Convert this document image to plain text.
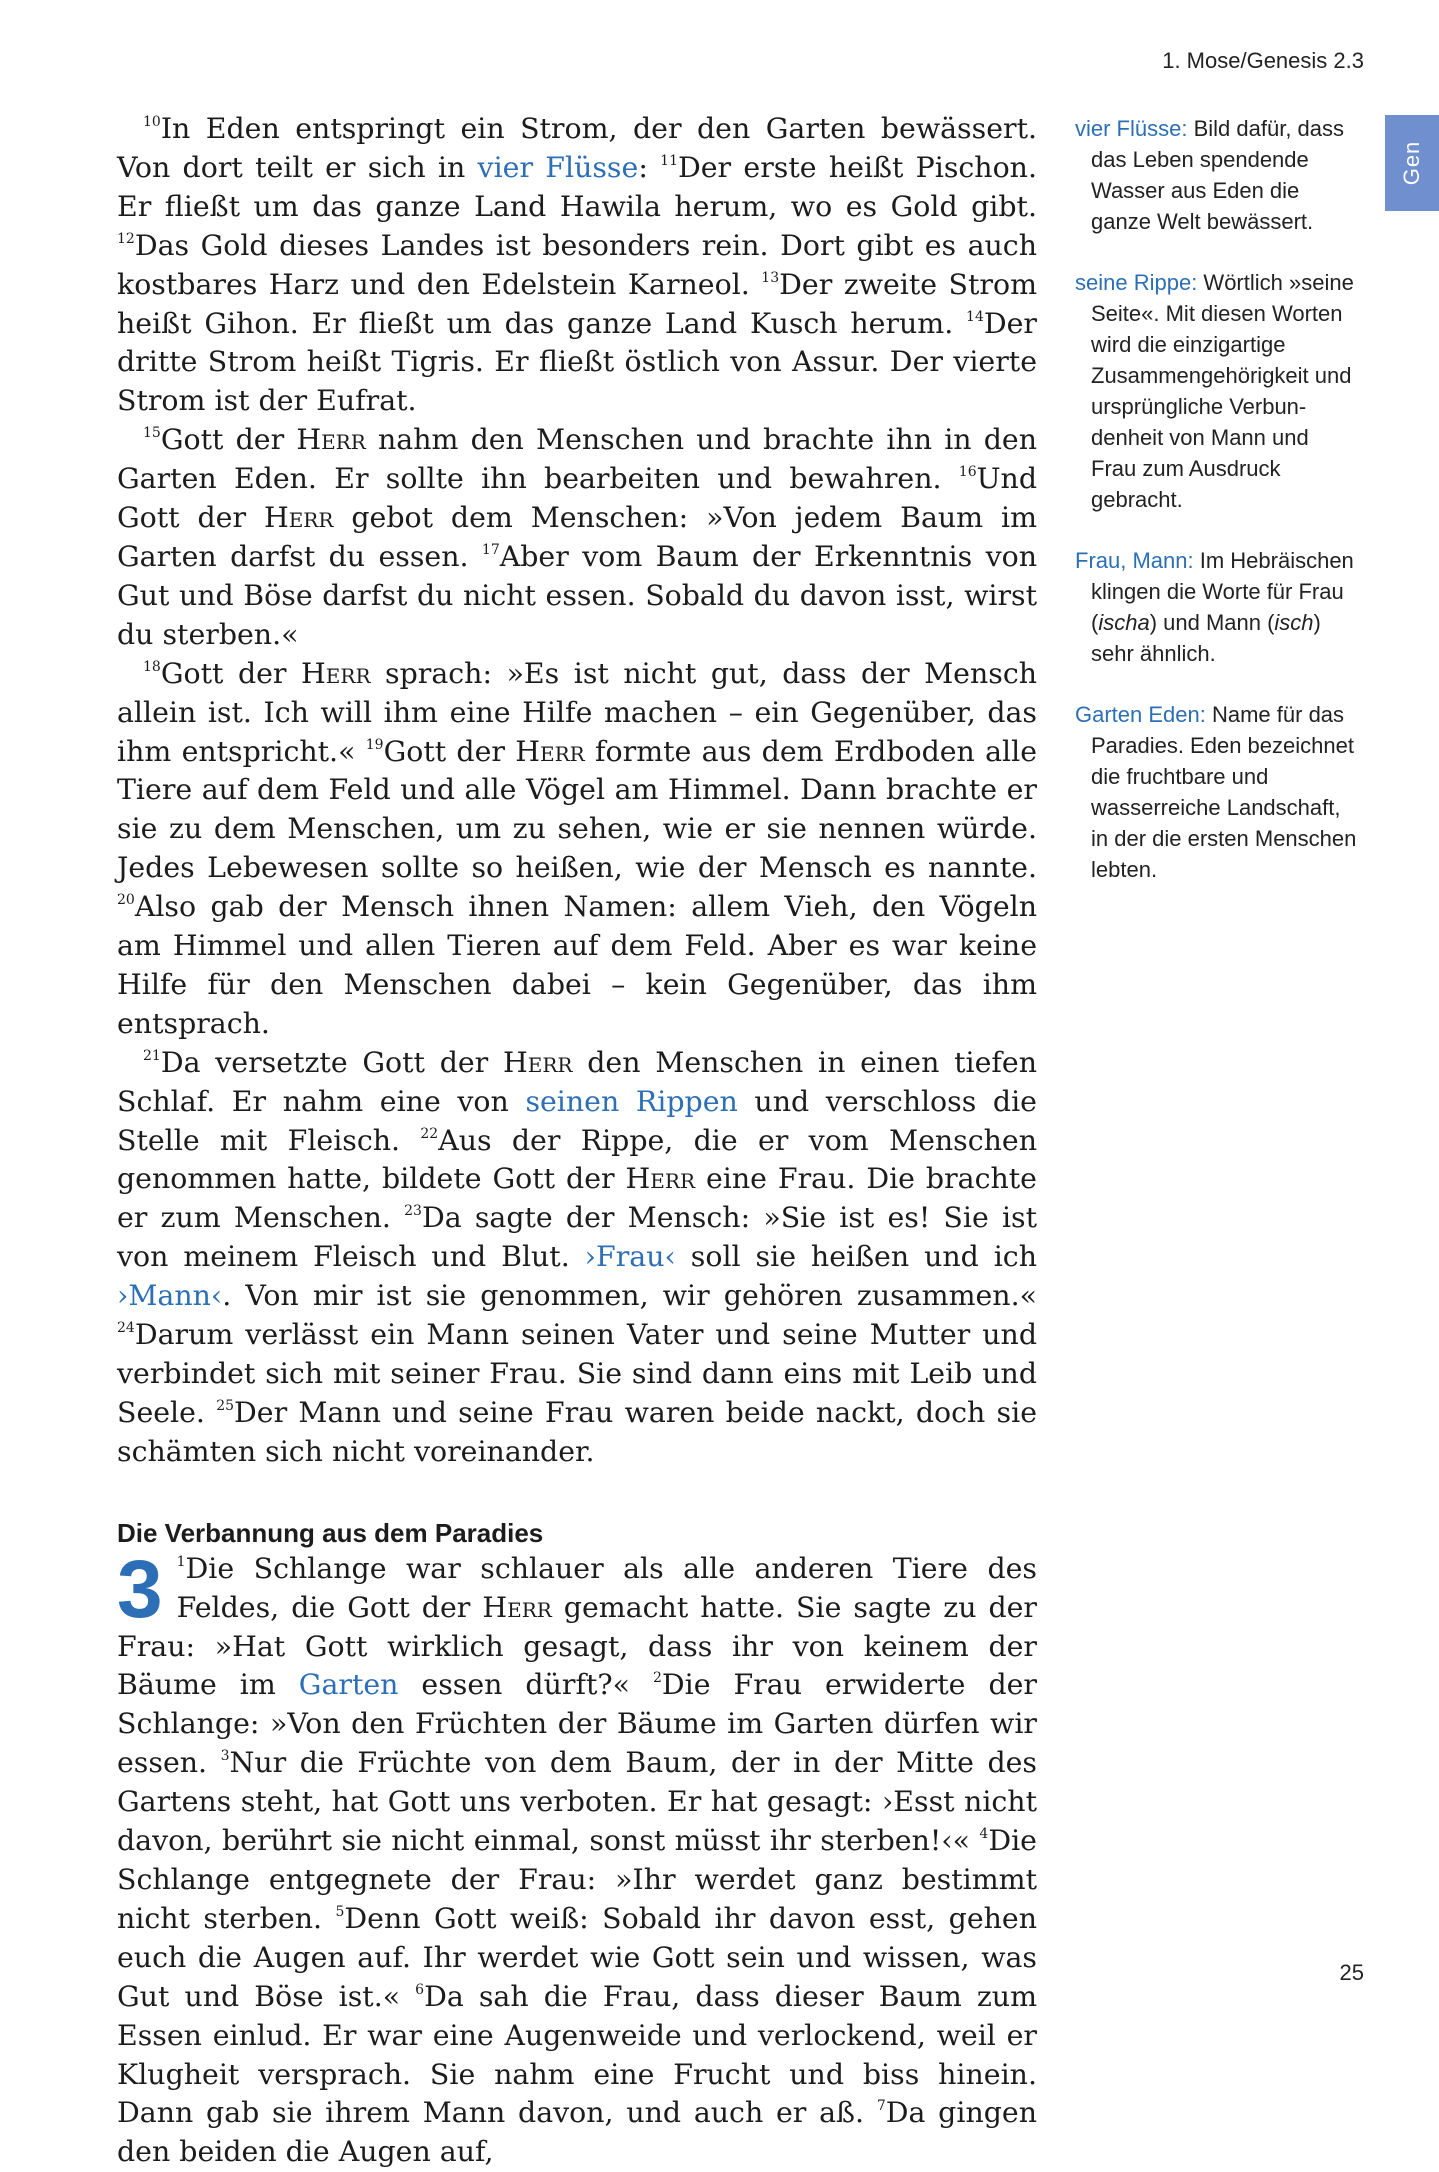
1. Mose/Genesis 2.3
Gen

$^{10}$In Eden entspringt ein Strom, der den Garten bewässert. Von dort teilt er sich in vier Flüsse: $^{11}$Der erste heißt Pischon. Er fließt um das ganze Land Hawila herum, wo es Gold gibt. $^{12}$Das Gold dieses Landes ist besonders rein. Dort gibt es auch kostbares Harz und den Edelstein Karneol. $^{13}$Der zweite Strom heißt Gihon. Er fließt um das ganze Land Kusch herum. $^{14}$Der dritte Strom heißt Tigris. Er fließt östlich von Assur. Der vierte Strom ist der Eufrat.

$^{15}$Gott der Herr nahm den Menschen und brachte ihn in den Garten Eden. Er sollte ihn bearbeiten und bewahren. $^{16}$Und Gott der Herr gebot dem Menschen: »Von jedem Baum im Garten darfst du essen. $^{17}$Aber vom Baum der Erkenntnis von Gut und Böse darfst du nicht essen. Sobald du davon isst, wirst du sterben.«

$^{18}$Gott der Herr sprach: »Es ist nicht gut, dass der Mensch allein ist. Ich will ihm eine Hilfe machen – ein Gegenüber, das ihm entspricht.« $^{19}$Gott der Herr formte aus dem Erdboden alle Tiere auf dem Feld und alle Vögel am Himmel. Dann brachte er sie zu dem Menschen, um zu sehen, wie er sie nennen würde. Jedes Lebewesen sollte so heißen, wie der Mensch es nannte. $^{20}$Also gab der Mensch ihnen Namen: allem Vieh, den Vögeln am Himmel und allen Tieren auf dem Feld. Aber es war keine Hilfe für den Menschen dabei – kein Gegenüber, das ihm entsprach.

$^{21}$Da versetzte Gott der Herr den Menschen in einen tiefen Schlaf. Er nahm eine von seinen Rippen und verschloss die Stelle mit Fleisch. $^{22}$Aus der Rippe, die er vom Menschen genommen hatte, bildete Gott der Herr eine Frau. Die brachte er zum Menschen. $^{23}$Da sagte der Mensch: »Sie ist es! Sie ist von meinem Fleisch und Blut. ›Frau‹ soll sie heißen und ich ›Mann‹. Von mir ist sie genommen, wir gehören zusammen.« $^{24}$Darum verlässt ein Mann seinen Vater und seine Mutter und verbindet sich mit seiner Frau. Sie sind dann eins mit Leib und Seele. $^{25}$Der Mann und seine Frau waren beide nackt, doch sie schämten sich nicht voreinander.

Die Verbannung aus dem Paradies

3 $^1$Die Schlange war schlauer als alle anderen Tiere des Feldes, die Gott der Herr gemacht hatte. Sie sagte zu der Frau: »Hat Gott wirklich gesagt, dass ihr von keinem der Bäume im Garten essen dürft?« $^2$Die Frau erwiderte der Schlange: »Von den Früchten der Bäume im Garten dürfen wir essen. $^3$Nur die Früchte von dem Baum, der in der Mitte des Gartens steht, hat Gott uns verboten. Er hat gesagt: ›Esst nicht davon, berührt sie nicht einmal, sonst müsst ihr sterben!‹« $^4$Die Schlange entgegnete der Frau: »Ihr werdet ganz bestimmt nicht sterben. $^5$Denn Gott weiß: Sobald ihr davon esst, gehen euch die Augen auf. Ihr werdet wie Gott sein und wissen, was Gut und Böse ist.« $^6$Da sah die Frau, dass dieser Baum zum Essen einlud. Er war eine Augenweide und verlockend, weil er Klugheit versprach. Sie nahm eine Frucht und biss hinein. Dann gab sie ihrem Mann davon, und auch er aß. $^7$Da gingen den beiden die Augen auf,

vier Flüsse: Bild dafür, dass das Leben spendende Wasser aus Eden die ganze Welt bewässert.

seine Rippe: Wörtlich »seine Seite«. Mit diesen Worten wird die einzigartige Zusammengehörigkeit und ursprüngliche Verbundenheit von Mann und Frau zum Ausdruck gebracht.

Frau, Mann: Im Hebräischen klingen die Worte für Frau (ischa) und Mann (isch) sehr ähnlich.

Garten Eden: Name für das Paradies. Eden bezeichnet die fruchtbare und wasserreiche Landschaft, in der die ersten Menschen lebten.

25
